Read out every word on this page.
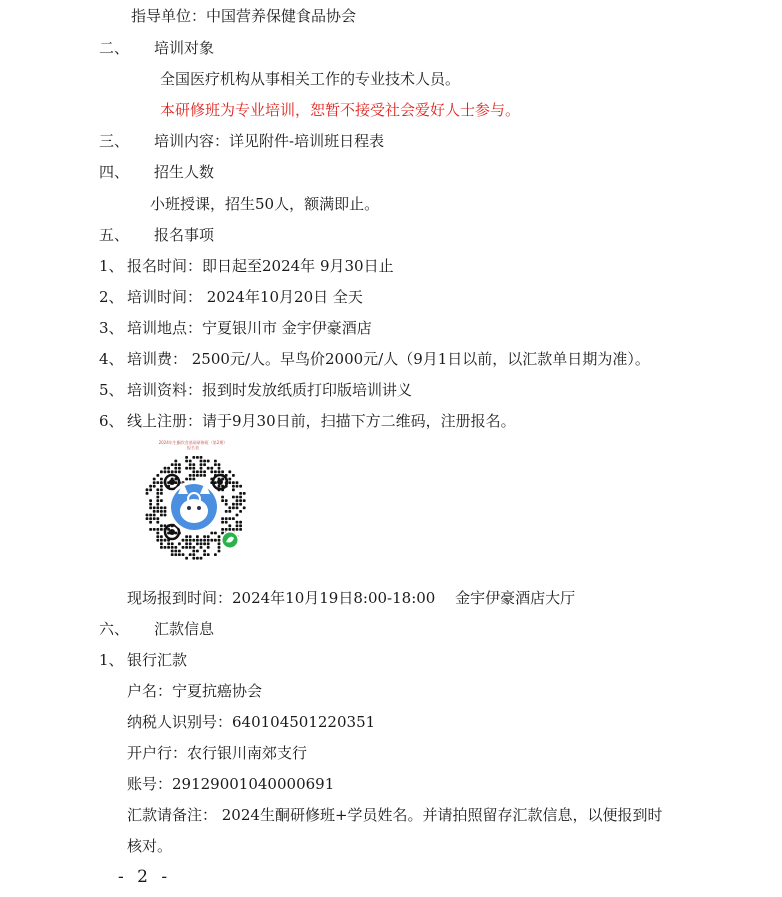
指导单位：中国营养保健食品协会
二、 培训对象
全国医疗机构从事相关工作的专业技术人员。
本研修班为专业培训，恕暂不接受社会爱好人士参与。
三、 培训内容：详见附件-培训班日程表
四、 招生人数
小班授课，招生50人，额满即止。
五、 报名事项
1、 报名时间：即日起至2024年 9月30日止
2、 培训时间： 2024年10月20日 全天
3、 培训地点：宁夏银川市 金宇伊豪酒店
4、 培训费： 2500元/人。早鸟价2000元/人（9月1日以前，以汇款单日期为准）。
5、 培训资料：报到时发放纸质打印版培训讲义
6、 线上注册：请于9月30日前，扫描下方二维码，注册报名。
2024年生酮饮食基础研修班（第2期）
报名表
现场报到时间：2024年10月19日8:00-18:00　 金宇伊豪酒店大厅
六、 汇款信息
1、 银行汇款
户名：宁夏抗癌协会
纳税人识别号：640104501220351
开户行：农行银川南郊支行
账号：29129001040000691
汇款请备注： 2024生酮研修班+学员姓名。并请拍照留存汇款信息，以便报到时
核对。
- 2 -
